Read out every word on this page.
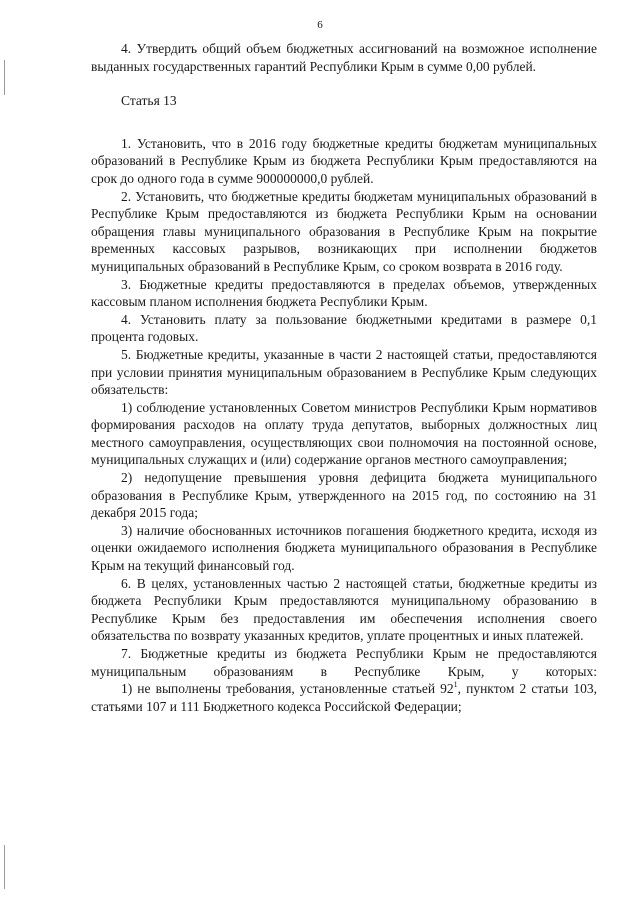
6

4. Утвердить общий объем бюджетных ассигнований на возможное исполнение выданных государственных гарантий Республики Крым в сумме 0,00 рублей.

Статья 13

1. Установить, что в 2016 году бюджетные кредиты бюджетам муниципальных образований в Республике Крым из бюджета Республики Крым предоставляются на срок до одного года в сумме 900000000,0 рублей.

2. Установить, что бюджетные кредиты бюджетам муниципальных образований в Республике Крым предоставляются из бюджета Республики Крым на основании обращения главы муниципального образования в Республике Крым на покрытие временных кассовых разрывов, возникающих при исполнении бюджетов муниципальных образований в Республике Крым, со сроком возврата в 2016 году.

3. Бюджетные кредиты предоставляются в пределах объемов, утвержденных кассовым планом исполнения бюджета Республики Крым.

4. Установить плату за пользование бюджетными кредитами в размере 0,1 процента годовых.

5. Бюджетные кредиты, указанные в части 2 настоящей статьи, предоставляются при условии принятия муниципальным образованием в Республике Крым следующих обязательств:

1) соблюдение установленных Советом министров Республики Крым нормативов формирования расходов на оплату труда депутатов, выборных должностных лиц местного самоуправления, осуществляющих свои полномочия на постоянной основе, муниципальных служащих и (или) содержание органов местного самоуправления;

2) недопущение превышения уровня дефицита бюджета муниципального образования в Республике Крым, утвержденного на 2015 год, по состоянию на 31 декабря 2015 года;

3) наличие обоснованных источников погашения бюджетного кредита, исходя из оценки ожидаемого исполнения бюджета муниципального образования в Республике Крым на текущий финансовый год.

6. В целях, установленных частью 2 настоящей статьи, бюджетные кредиты из бюджета Республики Крым предоставляются муниципальному образованию в Республике Крым без предоставления им обеспечения исполнения своего обязательства по возврату указанных кредитов, уплате процентных и иных платежей.

7. Бюджетные кредиты из бюджета Республики Крым не предоставляются муниципальным образованиям в Республике Крым, у которых:

1) не выполнены требования, установленные статьей $92^1$, пунктом 2 статьи 103, статьями 107 и 111 Бюджетного кодекса Российской Федерации;
